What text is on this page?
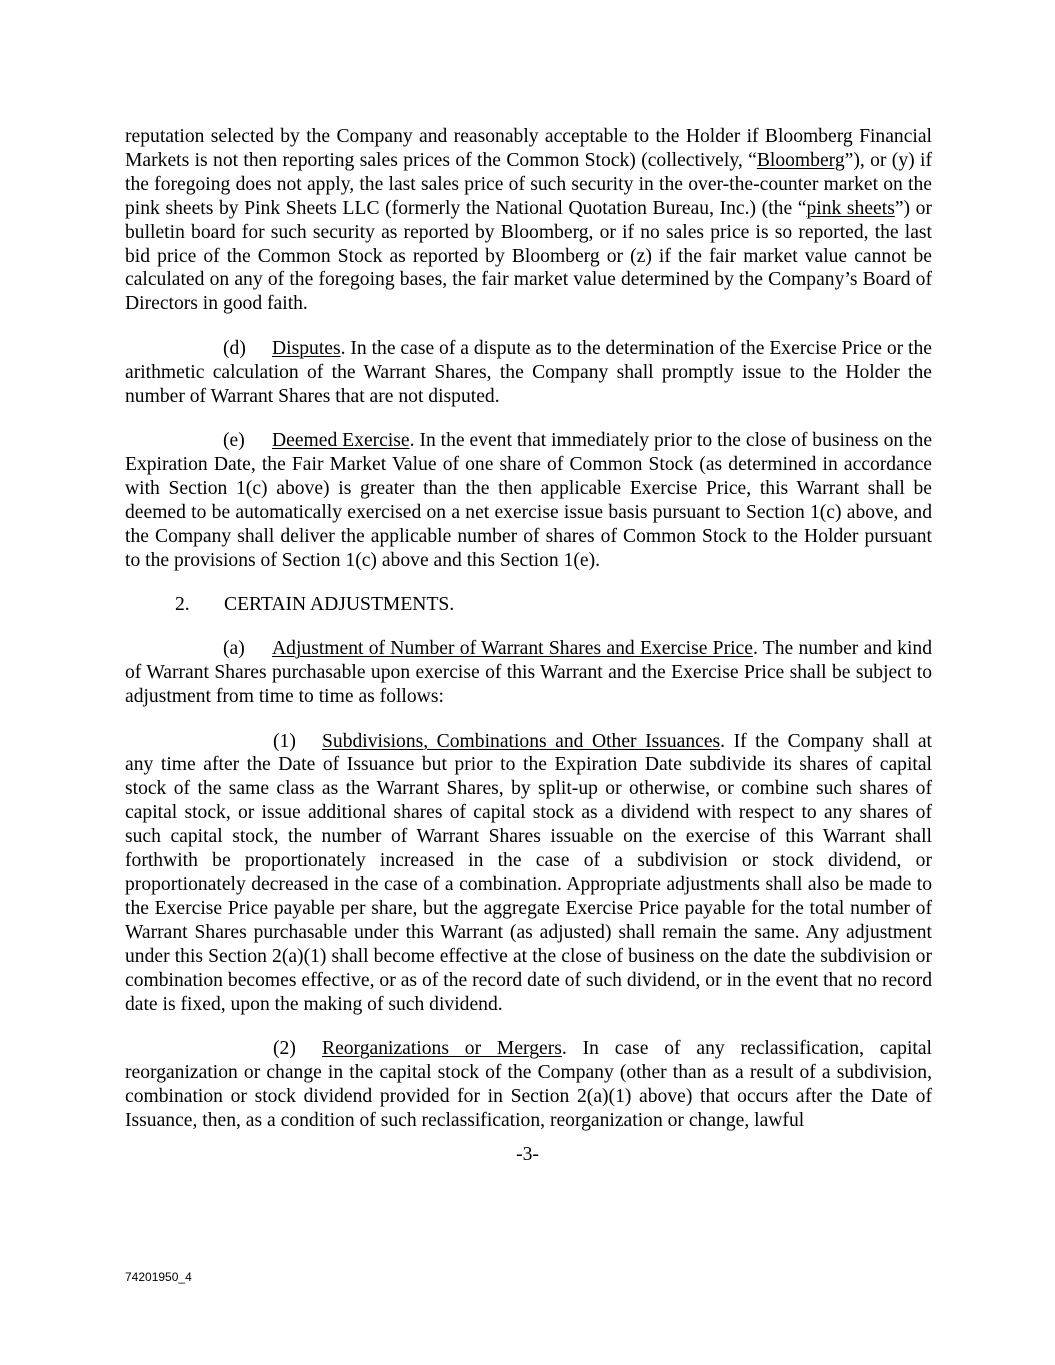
reputation selected by the Company and reasonably acceptable to the Holder if Bloomberg Financial Markets is not then reporting sales prices of the Common Stock) (collectively, “Bloomberg”), or (y) if the foregoing does not apply, the last sales price of such security in the over-the-counter market on the pink sheets by Pink Sheets LLC (formerly the National Quotation Bureau, Inc.) (the “pink sheets”) or bulletin board for such security as reported by Bloomberg, or if no sales price is so reported, the last bid price of the Common Stock as reported by Bloomberg or (z) if the fair market value cannot be calculated on any of the foregoing bases, the fair market value determined by the Company’s Board of Directors in good faith.

(d) Disputes. In the case of a dispute as to the determination of the Exercise Price or the arithmetic calculation of the Warrant Shares, the Company shall promptly issue to the Holder the number of Warrant Shares that are not disputed.

(e) Deemed Exercise. In the event that immediately prior to the close of business on the Expiration Date, the Fair Market Value of one share of Common Stock (as determined in accordance with Section 1(c) above) is greater than the then applicable Exercise Price, this Warrant shall be deemed to be automatically exercised on a net exercise issue basis pursuant to Section 1(c) above, and the Company shall deliver the applicable number of shares of Common Stock to the Holder pursuant to the provisions of Section 1(c) above and this Section 1(e).

2. CERTAIN ADJUSTMENTS.

(a) Adjustment of Number of Warrant Shares and Exercise Price. The number and kind of Warrant Shares purchasable upon exercise of this Warrant and the Exercise Price shall be subject to adjustment from time to time as follows:

(1) Subdivisions, Combinations and Other Issuances. If the Company shall at any time after the Date of Issuance but prior to the Expiration Date subdivide its shares of capital stock of the same class as the Warrant Shares, by split-up or otherwise, or combine such shares of capital stock, or issue additional shares of capital stock as a dividend with respect to any shares of such capital stock, the number of Warrant Shares issuable on the exercise of this Warrant shall forthwith be proportionately increased in the case of a subdivision or stock dividend, or proportionately decreased in the case of a combination. Appropriate adjustments shall also be made to the Exercise Price payable per share, but the aggregate Exercise Price payable for the total number of Warrant Shares purchasable under this Warrant (as adjusted) shall remain the same. Any adjustment under this Section 2(a)(1) shall become effective at the close of business on the date the subdivision or combination becomes effective, or as of the record date of such dividend, or in the event that no record date is fixed, upon the making of such dividend.

(2) Reorganizations or Mergers. In case of any reclassification, capital reorganization or change in the capital stock of the Company (other than as a result of a subdivision, combination or stock dividend provided for in Section 2(a)(1) above) that occurs after the Date of Issuance, then, as a condition of such reclassification, reorganization or change, lawful

-3-
74201950_4
